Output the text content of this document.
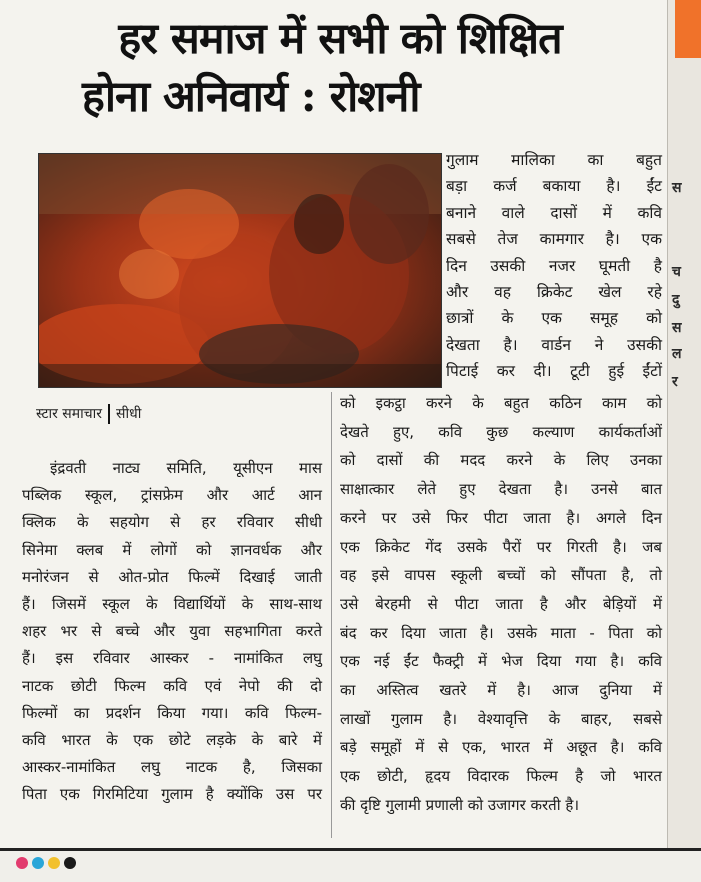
हर समाज में सभी को शिक्षित
होना अनिवार्य : रोशनी

गुलाम मालिका का बहुत

बड़ा कर्ज बकाया है। ईंट

बनाने वाले दासों में कवि

सबसे तेज कामगार है। एक

दिन उसकी नजर घूमती है

और वह क्रिकेट खेल रहे

छात्रों के एक समूह को

देखता है। वार्डन ने उसकी

पिटाई कर दी। टूटी हुई ईंटों

स्टार समाचार सीधी

इंद्रवती नाट्य समिति, यूसीएन मास

पब्लिक स्कूल, ट्रांसफ्रेम और आर्ट आन

क्लिक के सहयोग से हर रविवार सीधी

सिनेमा क्लब में लोगों को ज्ञानवर्धक और

मनोरंजन से ओत-प्रोत फिल्में दिखाई जाती

हैं। जिसमें स्कूल के विद्यार्थियों के साथ-साथ

शहर भर से बच्चे और युवा सहभागिता करते

हैं। इस रविवार आस्कर - नामांकित लघु

नाटक छोटी फिल्म कवि एवं नेपो की दो

फिल्मों का प्रदर्शन किया गया। कवि फिल्म-

कवि भारत के एक छोटे लड़के के बारे में

आस्कर-नामांकित लघु नाटक है, जिसका

पिता एक गिरमिटिया गुलाम है क्योंकि उस पर

को इकट्ठा करने के बहुत कठिन काम को

देखते हुए, कवि कुछ कल्याण कार्यकर्ताओं

को दासों की मदद करने के लिए उनका

साक्षात्कार लेते हुए देखता है। उनसे बात

करने पर उसे फिर पीटा जाता है। अगले दिन

एक क्रिकेट गेंद उसके पैरों पर गिरती है। जब

वह इसे वापस स्कूली बच्चों को सौंपता है, तो

उसे बेरहमी से पीटा जाता है और बेड़ियों में

बंद कर दिया जाता है। उसके माता - पिता को

एक नई ईंट फैक्ट्री में भेज दिया गया है। कवि

का अस्तित्व खतरे में है। आज दुनिया में

लाखों गुलाम है। वेश्यावृत्ति के बाहर, सबसे

बड़े समूहों में से एक, भारत में अछूत है। कवि

एक छोटी, हृदय विदारक फिल्म है जो भारत

की दृष्टि गुलामी प्रणाली को उजागर करती है।

स
च
दु
स
ल
र
